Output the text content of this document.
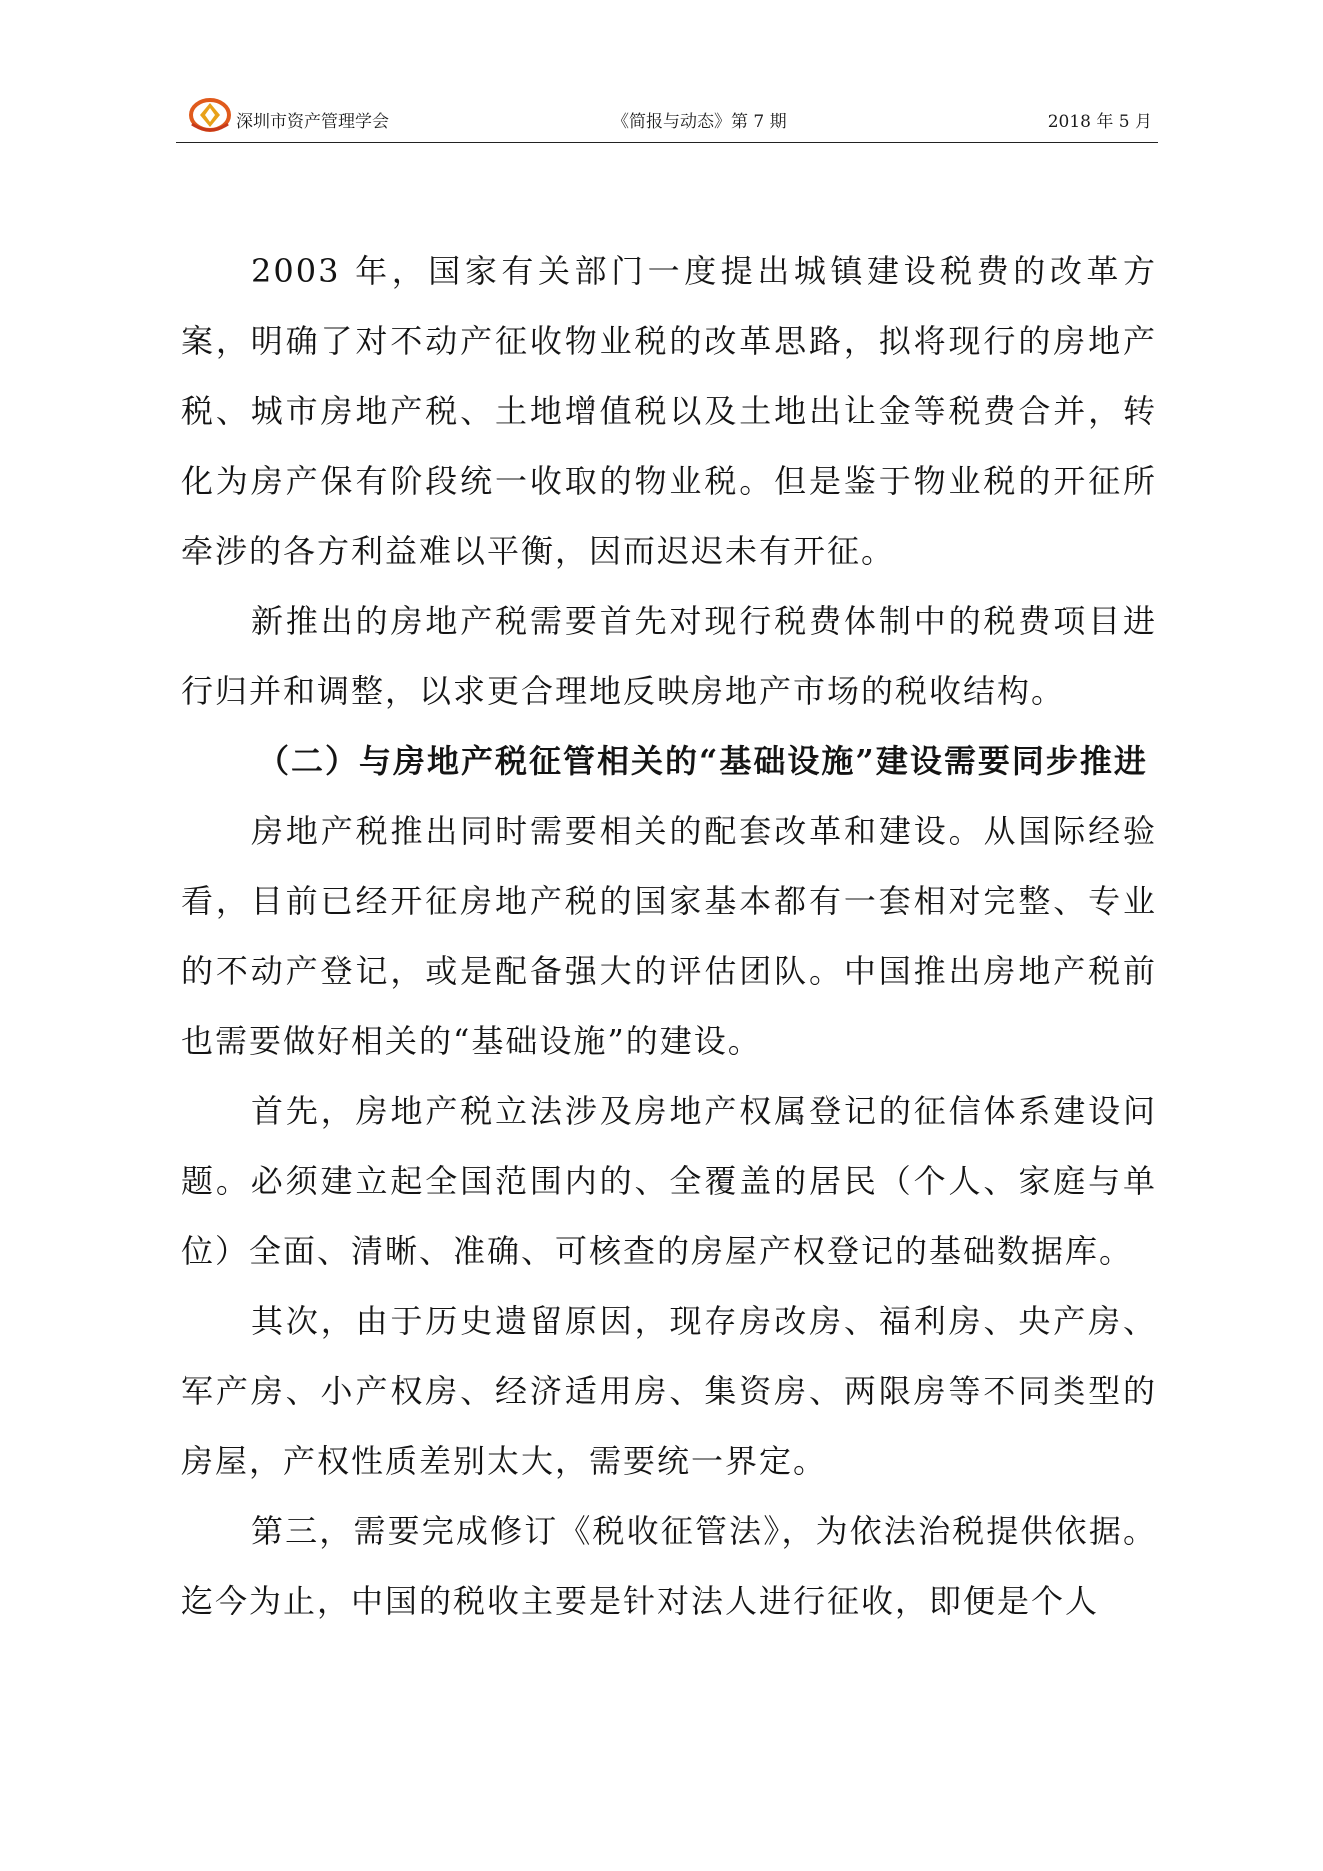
深圳市资产管理学会	《简报与动态》第 7 期	2018 年 5 月

2003 年，国家有关部门一度提出城镇建设税费的改革方案，明确了对不动产征收物业税的改革思路，拟将现行的房地产税、城市房地产税、土地增值税以及土地出让金等税费合并，转化为房产保有阶段统一收取的物业税。但是鉴于物业税的开征所牵涉的各方利益难以平衡，因而迟迟未有开征。

新推出的房地产税需要首先对现行税费体制中的税费项目进行归并和调整，以求更合理地反映房地产市场的税收结构。

（二）与房地产税征管相关的“基础设施”建设需要同步推进

房地产税推出同时需要相关的配套改革和建设。从国际经验看，目前已经开征房地产税的国家基本都有一套相对完整、专业的不动产登记，或是配备强大的评估团队。中国推出房地产税前也需要做好相关的“基础设施”的建设。

首先，房地产税立法涉及房地产权属登记的征信体系建设问题。必须建立起全国范围内的、全覆盖的居民（个人、家庭与单位）全面、清晰、准确、可核查的房屋产权登记的基础数据库。

其次，由于历史遗留原因，现存房改房、福利房、央产房、军产房、小产权房、经济适用房、集资房、两限房等不同类型的房屋，产权性质差别太大，需要统一界定。

第三，需要完成修订《税收征管法》，为依法治税提供依据。迄今为止，中国的税收主要是针对法人进行征收，即便是个人
